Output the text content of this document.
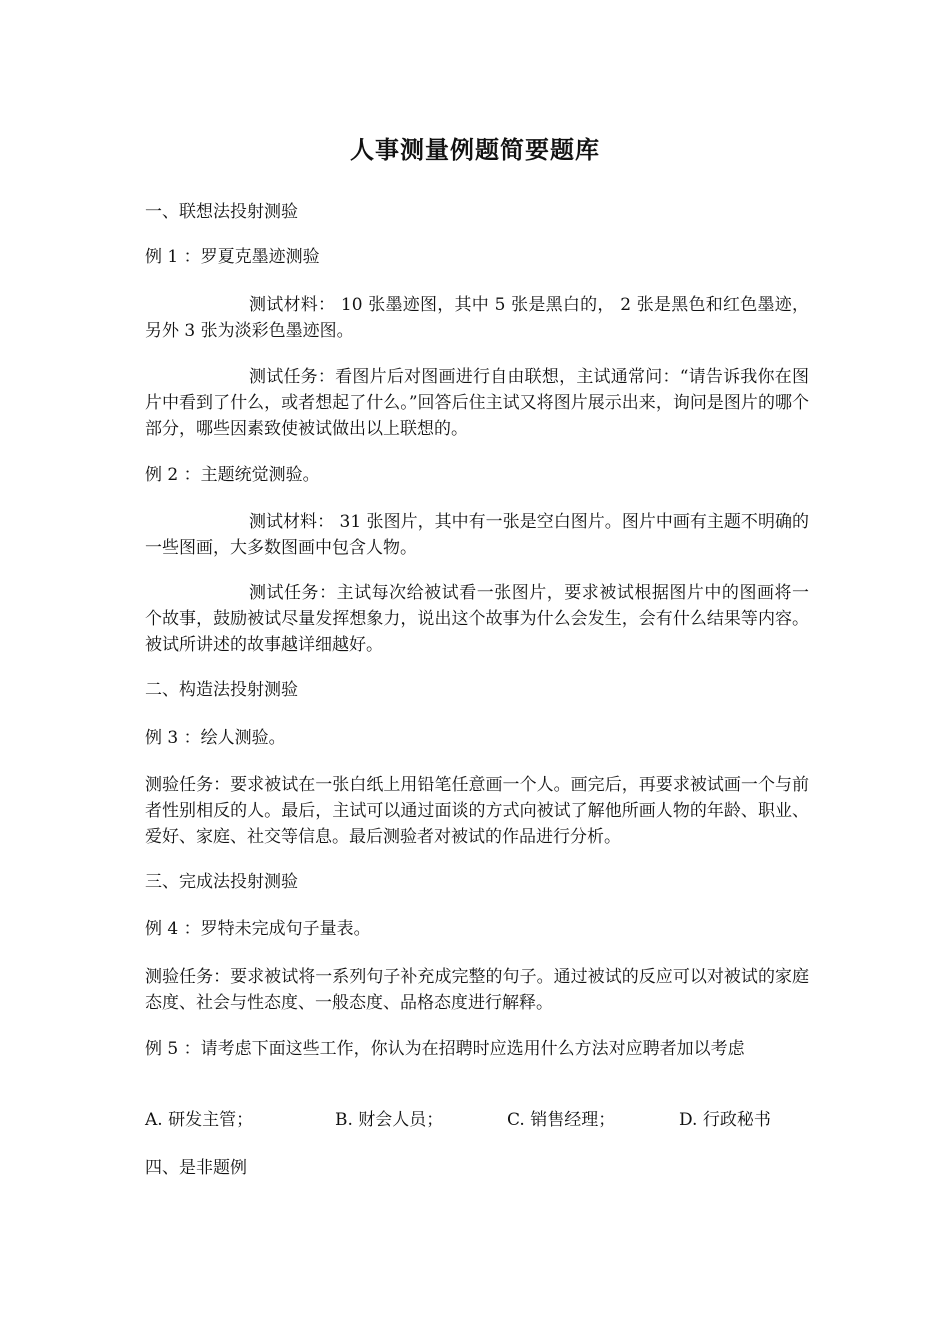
人事测量例题简要题库
一、联想法投射测验
例 1 ：罗夏克墨迹测验
测试材料： 10 张墨迹图，其中 5 张是黑白的， 2 张是黑色和红色墨迹，另外 3 张为淡彩色墨迹图。
测试任务：看图片后对图画进行自由联想，主试通常问：“请告诉我你在图片中看到了什么，或者想起了什么。”回答后住主试又将图片展示出来，询问是图片的哪个部分，哪些因素致使被试做出以上联想的。
例 2 ：主题统觉测验。
测试材料： 31 张图片，其中有一张是空白图片。图片中画有主题不明确的一些图画，大多数图画中包含人物。
测试任务：主试每次给被试看一张图片，要求被试根据图片中的图画将一个故事，鼓励被试尽量发挥想象力，说出这个故事为什么会发生，会有什么结果等内容。被试所讲述的故事越详细越好。
二、构造法投射测验
例 3 ：绘人测验。
测验任务：要求被试在一张白纸上用铅笔任意画一个人。画完后，再要求被试画一个与前者性别相反的人。最后，主试可以通过面谈的方式向被试了解他所画人物的年龄、职业、爱好、家庭、社交等信息。最后测验者对被试的作品进行分析。
三、完成法投射测验
例 4 ：罗特未完成句子量表。
测验任务：要求被试将一系列句子补充成完整的句子。通过被试的反应可以对被试的家庭态度、社会与性态度、一般态度、品格态度进行解释。
例 5 ：请考虑下面这些工作，你认为在招聘时应选用什么方法对应聘者加以考虑
A. 研发主管；	B. 财会人员；	C. 销售经理；	D. 行政秘书
四、是非题例
